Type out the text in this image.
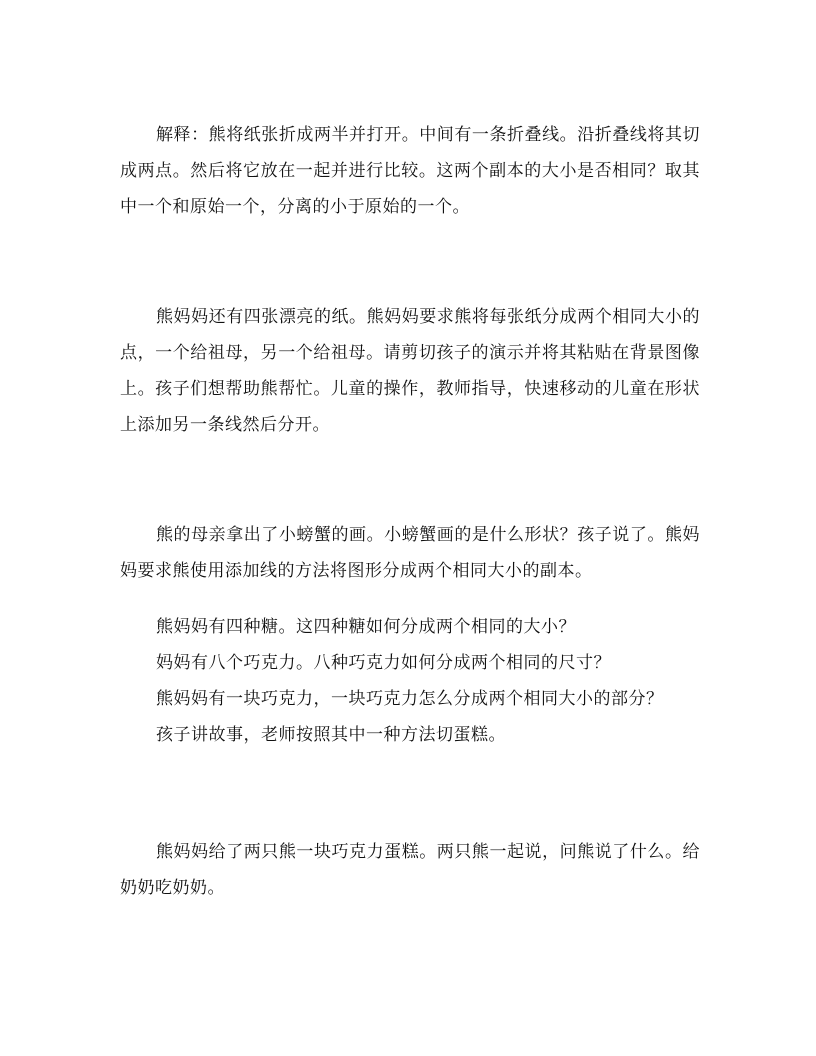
解释：熊将纸张折成两半并打开。中间有一条折叠线。沿折叠线将其切成两点。然后将它放在一起并进行比较。这两个副本的大小是否相同？取其中一个和原始一个，分离的小于原始的一个。

熊妈妈还有四张漂亮的纸。熊妈妈要求熊将每张纸分成两个相同大小的点，一个给祖母，另一个给祖母。请剪切孩子的演示并将其粘贴在背景图像上。孩子们想帮助熊帮忙。儿童的操作，教师指导，快速移动的儿童在形状上添加另一条线然后分开。

熊的母亲拿出了小螃蟹的画。小螃蟹画的是什么形状？孩子说了。熊妈妈要求熊使用添加线的方法将图形分成两个相同大小的副本。

熊妈妈有四种糖。这四种糖如何分成两个相同的大小？
妈妈有八个巧克力。八种巧克力如何分成两个相同的尺寸？
熊妈妈有一块巧克力，一块巧克力怎么分成两个相同大小的部分？
孩子讲故事，老师按照其中一种方法切蛋糕。

熊妈妈给了两只熊一块巧克力蛋糕。两只熊一起说，问熊说了什么。给奶奶吃奶奶。
